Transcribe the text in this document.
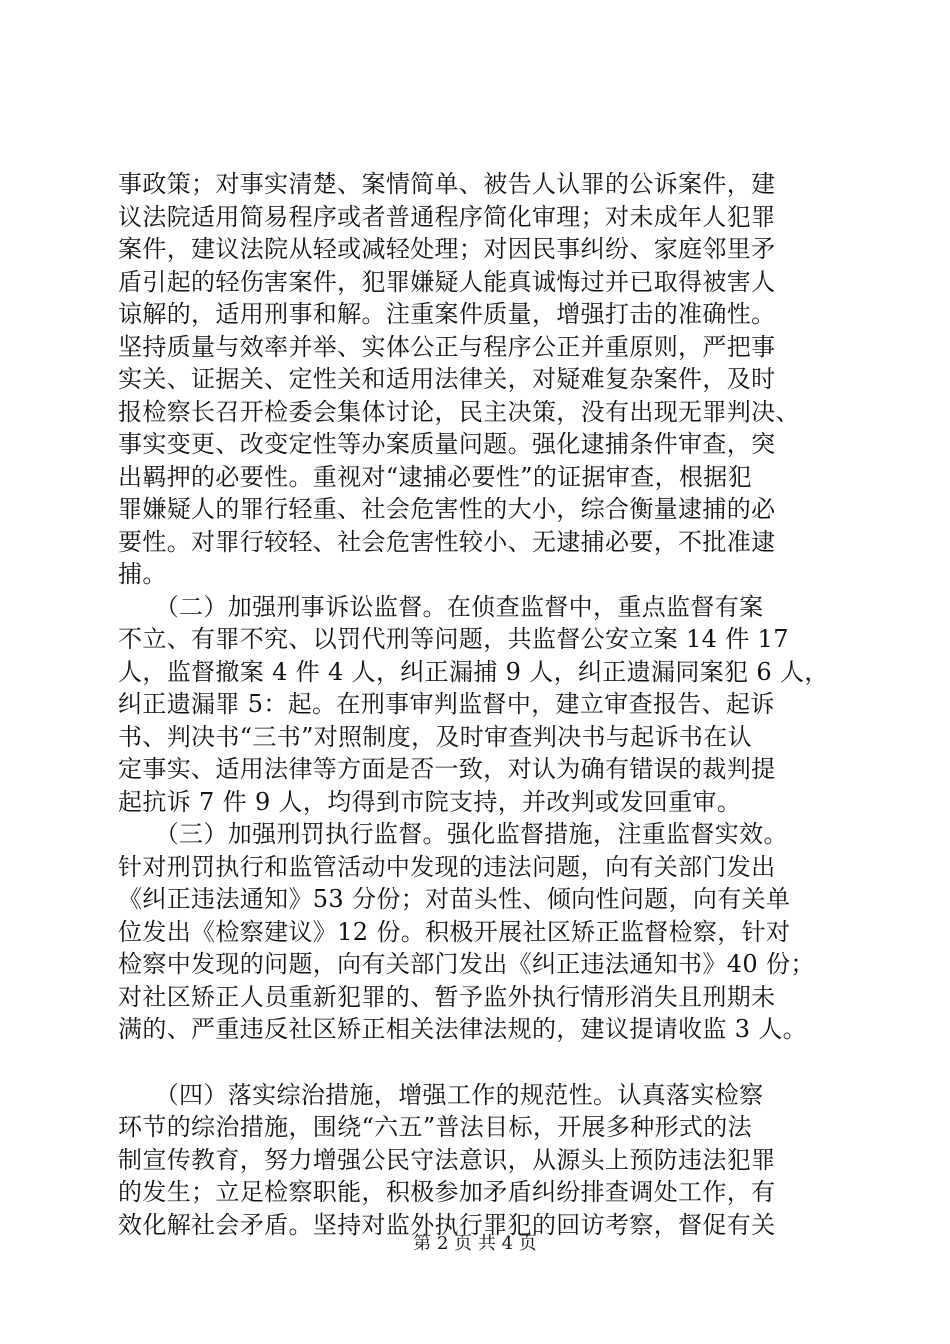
事政策；对事实清楚、案情简单、被告人认罪的公诉案件，建
议法院适用简易程序或者普通程序简化审理；对未成年人犯罪
案件，建议法院从轻或减轻处理；对因民事纠纷、家庭邻里矛
盾引起的轻伤害案件，犯罪嫌疑人能真诚悔过并已取得被害人
谅解的，适用刑事和解。注重案件质量，增强打击的准确性。
坚持质量与效率并举、实体公正与程序公正并重原则，严把事
实关、证据关、定性关和适用法律关，对疑难复杂案件，及时
报检察长召开检委会集体讨论，民主决策，没有出现无罪判决、
事实变更、改变定性等办案质量问题。强化逮捕条件审查，突
出羁押的必要性。重视对“逮捕必要性”的证据审查，根据犯
罪嫌疑人的罪行轻重、社会危害性的大小，综合衡量逮捕的必
要性。对罪行较轻、社会危害性较小、无逮捕必要，不批准逮
捕。
　　（二）加强刑事诉讼监督。在侦查监督中，重点监督有案
不立、有罪不究、以罚代刑等问题，共监督公安立案 14 件 17
人，监督撤案 4 件 4 人，纠正漏捕 9 人，纠正遗漏同案犯 6 人，
纠正遗漏罪 5：起。在刑事审判监督中，建立审查报告、起诉
书、判决书“三书”对照制度，及时审查判决书与起诉书在认
定事实、适用法律等方面是否一致，对认为确有错误的裁判提
起抗诉 7 件 9 人，均得到市院支持，并改判或发回重审。
　　（三）加强刑罚执行监督。强化监督措施，注重监督实效。
针对刑罚执行和监管活动中发现的违法问题，向有关部门发出
《纠正违法通知》53 分份；对苗头性、倾向性问题，向有关单
位发出《检察建议》12 份。积极开展社区矫正监督检察，针对
检察中发现的问题，向有关部门发出《纠正违法通知书》40 份；
对社区矫正人员重新犯罪的、暂予监外执行情形消失且刑期未
满的、严重违反社区矫正相关法律法规的，建议提请收监 3 人。
　　（四）落实综治措施，增强工作的规范性。认真落实检察
环节的综治措施，围绕“六五”普法目标，开展多种形式的法
制宣传教育，努力增强公民守法意识，从源头上预防违法犯罪
的发生；立足检察职能，积极参加矛盾纠纷排查调处工作，有
效化解社会矛盾。坚持对监外执行罪犯的回访考察，督促有关
第 2 页 共 4 页
